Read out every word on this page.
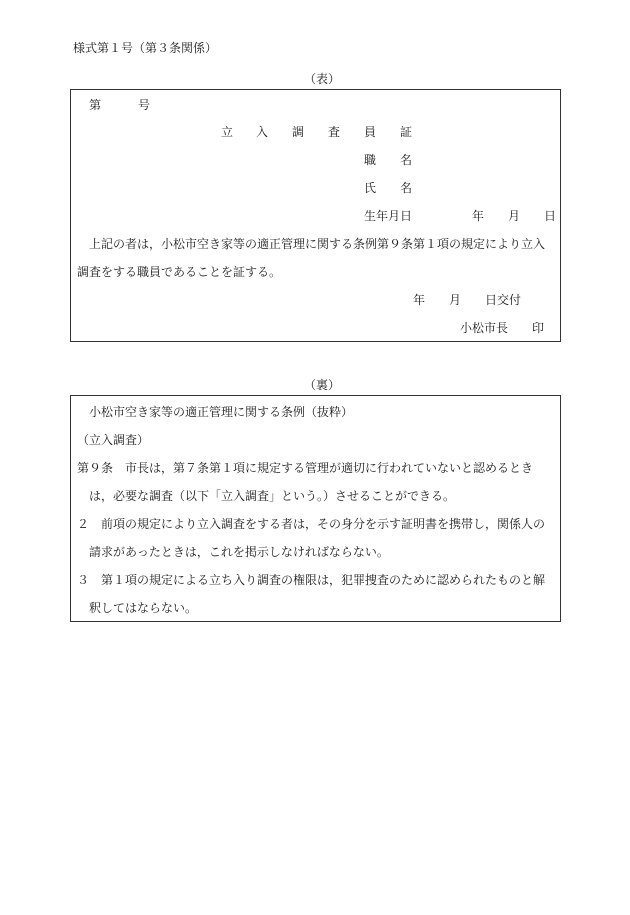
様式第１号（第３条関係）
（表）
第	号
立 入 調 査 員 証
職 名
氏 名
生年月日	年 月 日
上記の者は，小松市空き家等の適正管理に関する条例第９条第１項の規定により立入
調査をする職員であることを証する。
年 月 日交付
小松市長 印
（裏）
小松市空き家等の適正管理に関する条例（抜粋）
（立入調査）
第９条　市長は，第７条第１項に規定する管理が適切に行われていないと認めるとき
は，必要な調査（以下「立入調査」という。）させることができる。
２　前項の規定により立入調査をする者は，その身分を示す証明書を携帯し，関係人の
請求があったときは，これを掲示しなければならない。
３　第１項の規定による立ち入り調査の権限は，犯罪捜査のために認められたものと解
釈してはならない。
